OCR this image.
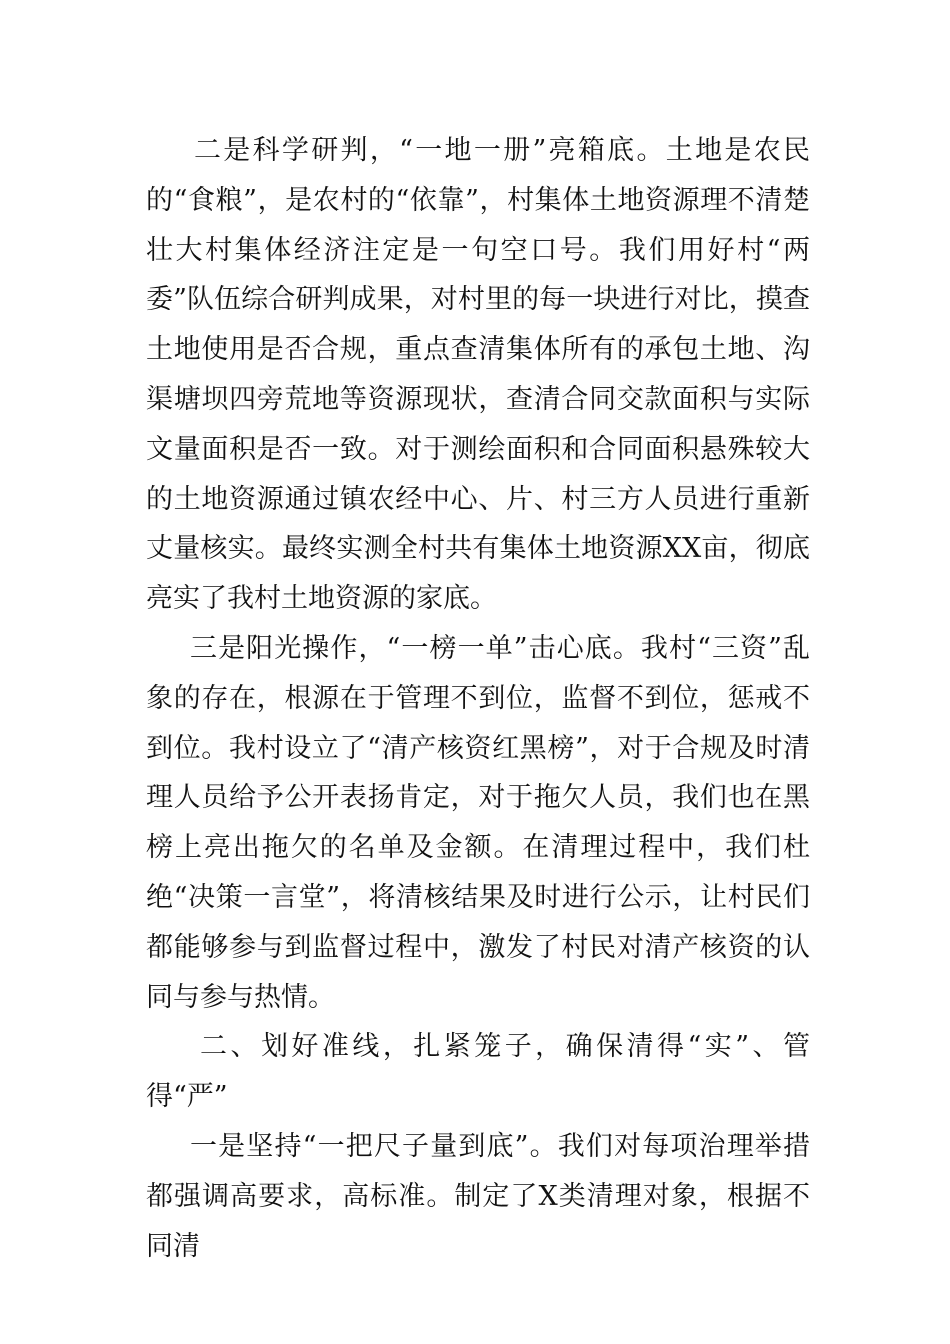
二是科学研判，“一地一册”亮箱底。土地是农民的“食粮”，是农村的“依靠”，村集体土地资源理不清楚壮大村集体经济注定是一句空口号。我们用好村“两委”队伍综合研判成果，对村里的每一块进行对比，摸查土地使用是否合规，重点查清集体所有的承包土地、沟渠塘坝四旁荒地等资源现状，查清合同交款面积与实际文量面积是否一致。对于测绘面积和合同面积悬殊较大的土地资源通过镇农经中心、片、村三方人员进行重新丈量核实。最终实测全村共有集体土地资源XX亩，彻底亮实了我村土地资源的家底。

三是阳光操作，“一榜一单”击心底。我村“三资”乱象的存在，根源在于管理不到位，监督不到位，惩戒不到位。我村设立了“清产核资红黑榜”，对于合规及时清理人员给予公开表扬肯定，对于拖欠人员，我们也在黑榜上亮出拖欠的名单及金额。在清理过程中，我们杜绝“决策一言堂”，将清核结果及时进行公示，让村民们都能够参与到监督过程中，激发了村民对清产核资的认同与参与热情。

二、划好准线，扎紧笼子，确保清得“实”、管得“严”

一是坚持“一把尺子量到底”。我们对每项治理举措都强调高要求，高标准。制定了X类清理对象，根据不同清
